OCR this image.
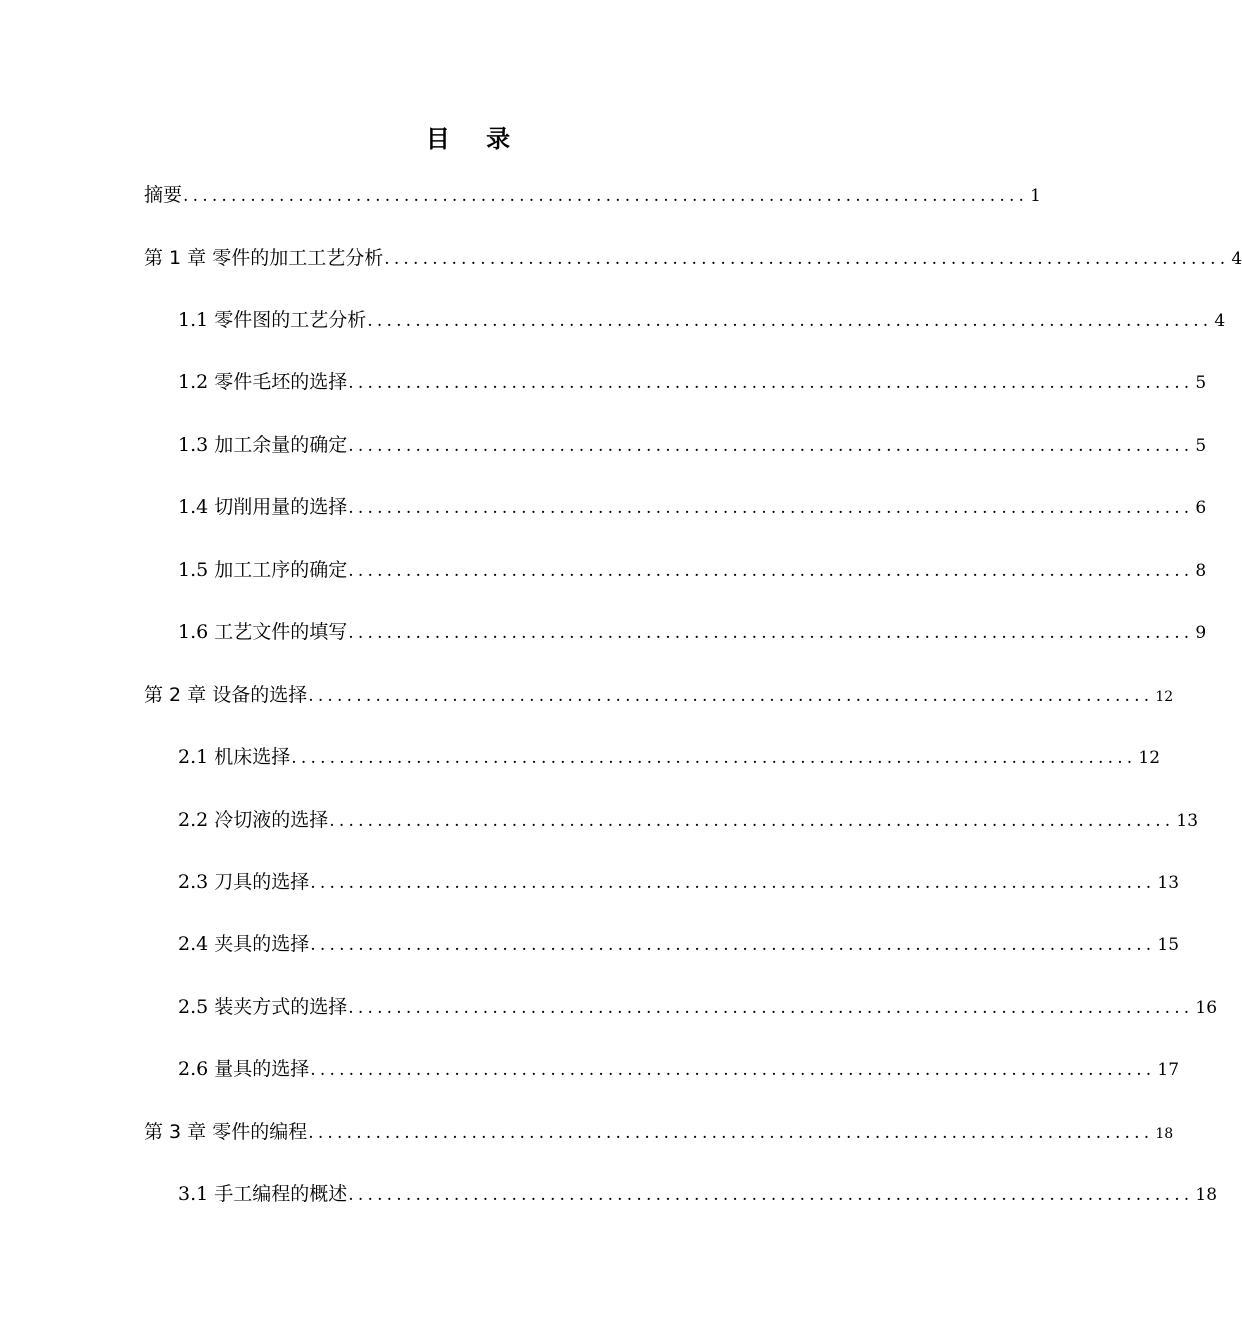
目 录
摘要 ........................................................................................ 1
第 1 章 零件的加工工艺分析 ........................................................................................ 4
1.1 零件图的工艺分析 ........................................................................................ 4
1.2 零件毛坯的选择 ........................................................................................ 5
1.3 加工余量的确定 ........................................................................................ 5
1.4 切削用量的选择 ........................................................................................ 6
1.5 加工工序的确定 ........................................................................................ 8
1.6 工艺文件的填写 ........................................................................................ 9
第 2 章 设备的选择 ........................................................................................ 12
2.1 机床选择 ........................................................................................ 12
2.2 冷切液的选择 ........................................................................................ 13
2.3 刀具的选择 ........................................................................................ 13
2.4 夹具的选择 ........................................................................................ 15
2.5 装夹方式的选择 ........................................................................................ 16
2.6 量具的选择 ........................................................................................ 17
第 3 章 零件的编程 ........................................................................................ 18
3.1 手工编程的概述 ........................................................................................ 18
